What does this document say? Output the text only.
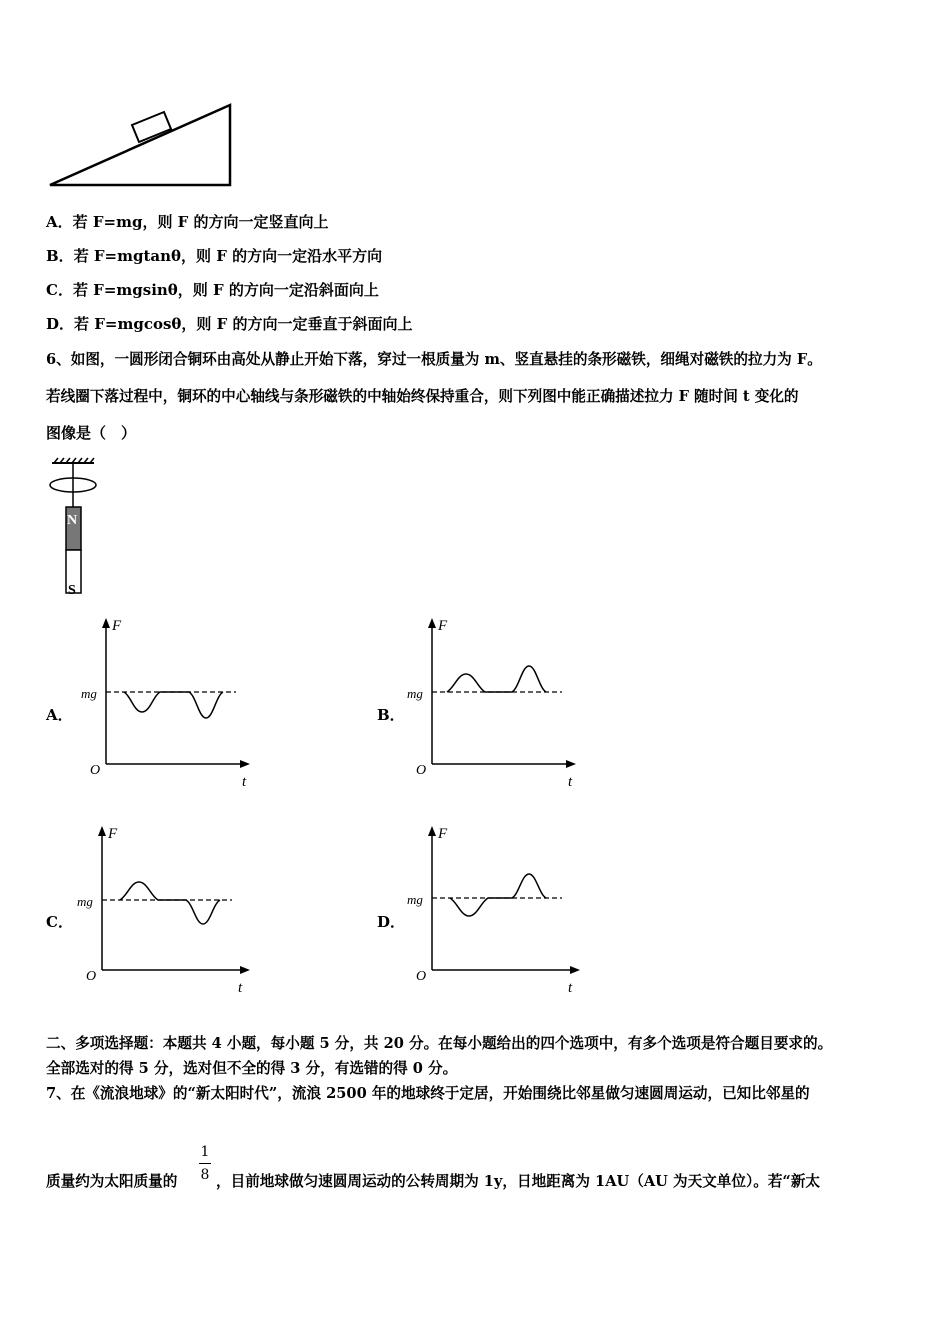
A．若 F=mg，则 F 的方向一定竖直向上
B．若 F=mgtanθ，则 F 的方向一定沿水平方向
C．若 F=mgsinθ，则 F 的方向一定沿斜面向上
D．若 F=mgcosθ，则 F 的方向一定垂直于斜面向上
6、如图，一圆形闭合铜环由高处从静止开始下落，穿过一根质量为 m、竖直悬挂的条形磁铁，细绳对磁铁的拉力为 F。
若线圈下落过程中，铜环的中心轴线与条形磁铁的中轴始终保持重合，则下列图中能正确描述拉力 F 随时间 t 变化的
图像是（　）
N
S
A．
F
mg
O
t
B．
F
mg
O
t
C．
F
mg
O
t
D．
F
mg
O
t
二、多项选择题：本题共 4 小题，每小题 5 分，共 20 分。在每小题给出的四个选项中，有多个选项是符合题目要求的。
全部选对的得 5 分，选对但不全的得 3 分，有选错的得 0 分。
7、在《流浪地球》的“新太阳时代”，流浪 2500 年的地球终于定居，开始围绕比邻星做匀速圆周运动，已知比邻星的
1
8
质量约为太阳质量的	，目前地球做匀速圆周运动的公转周期为 1y，日地距离为 1AU（AU 为天文单位）。若“新太
